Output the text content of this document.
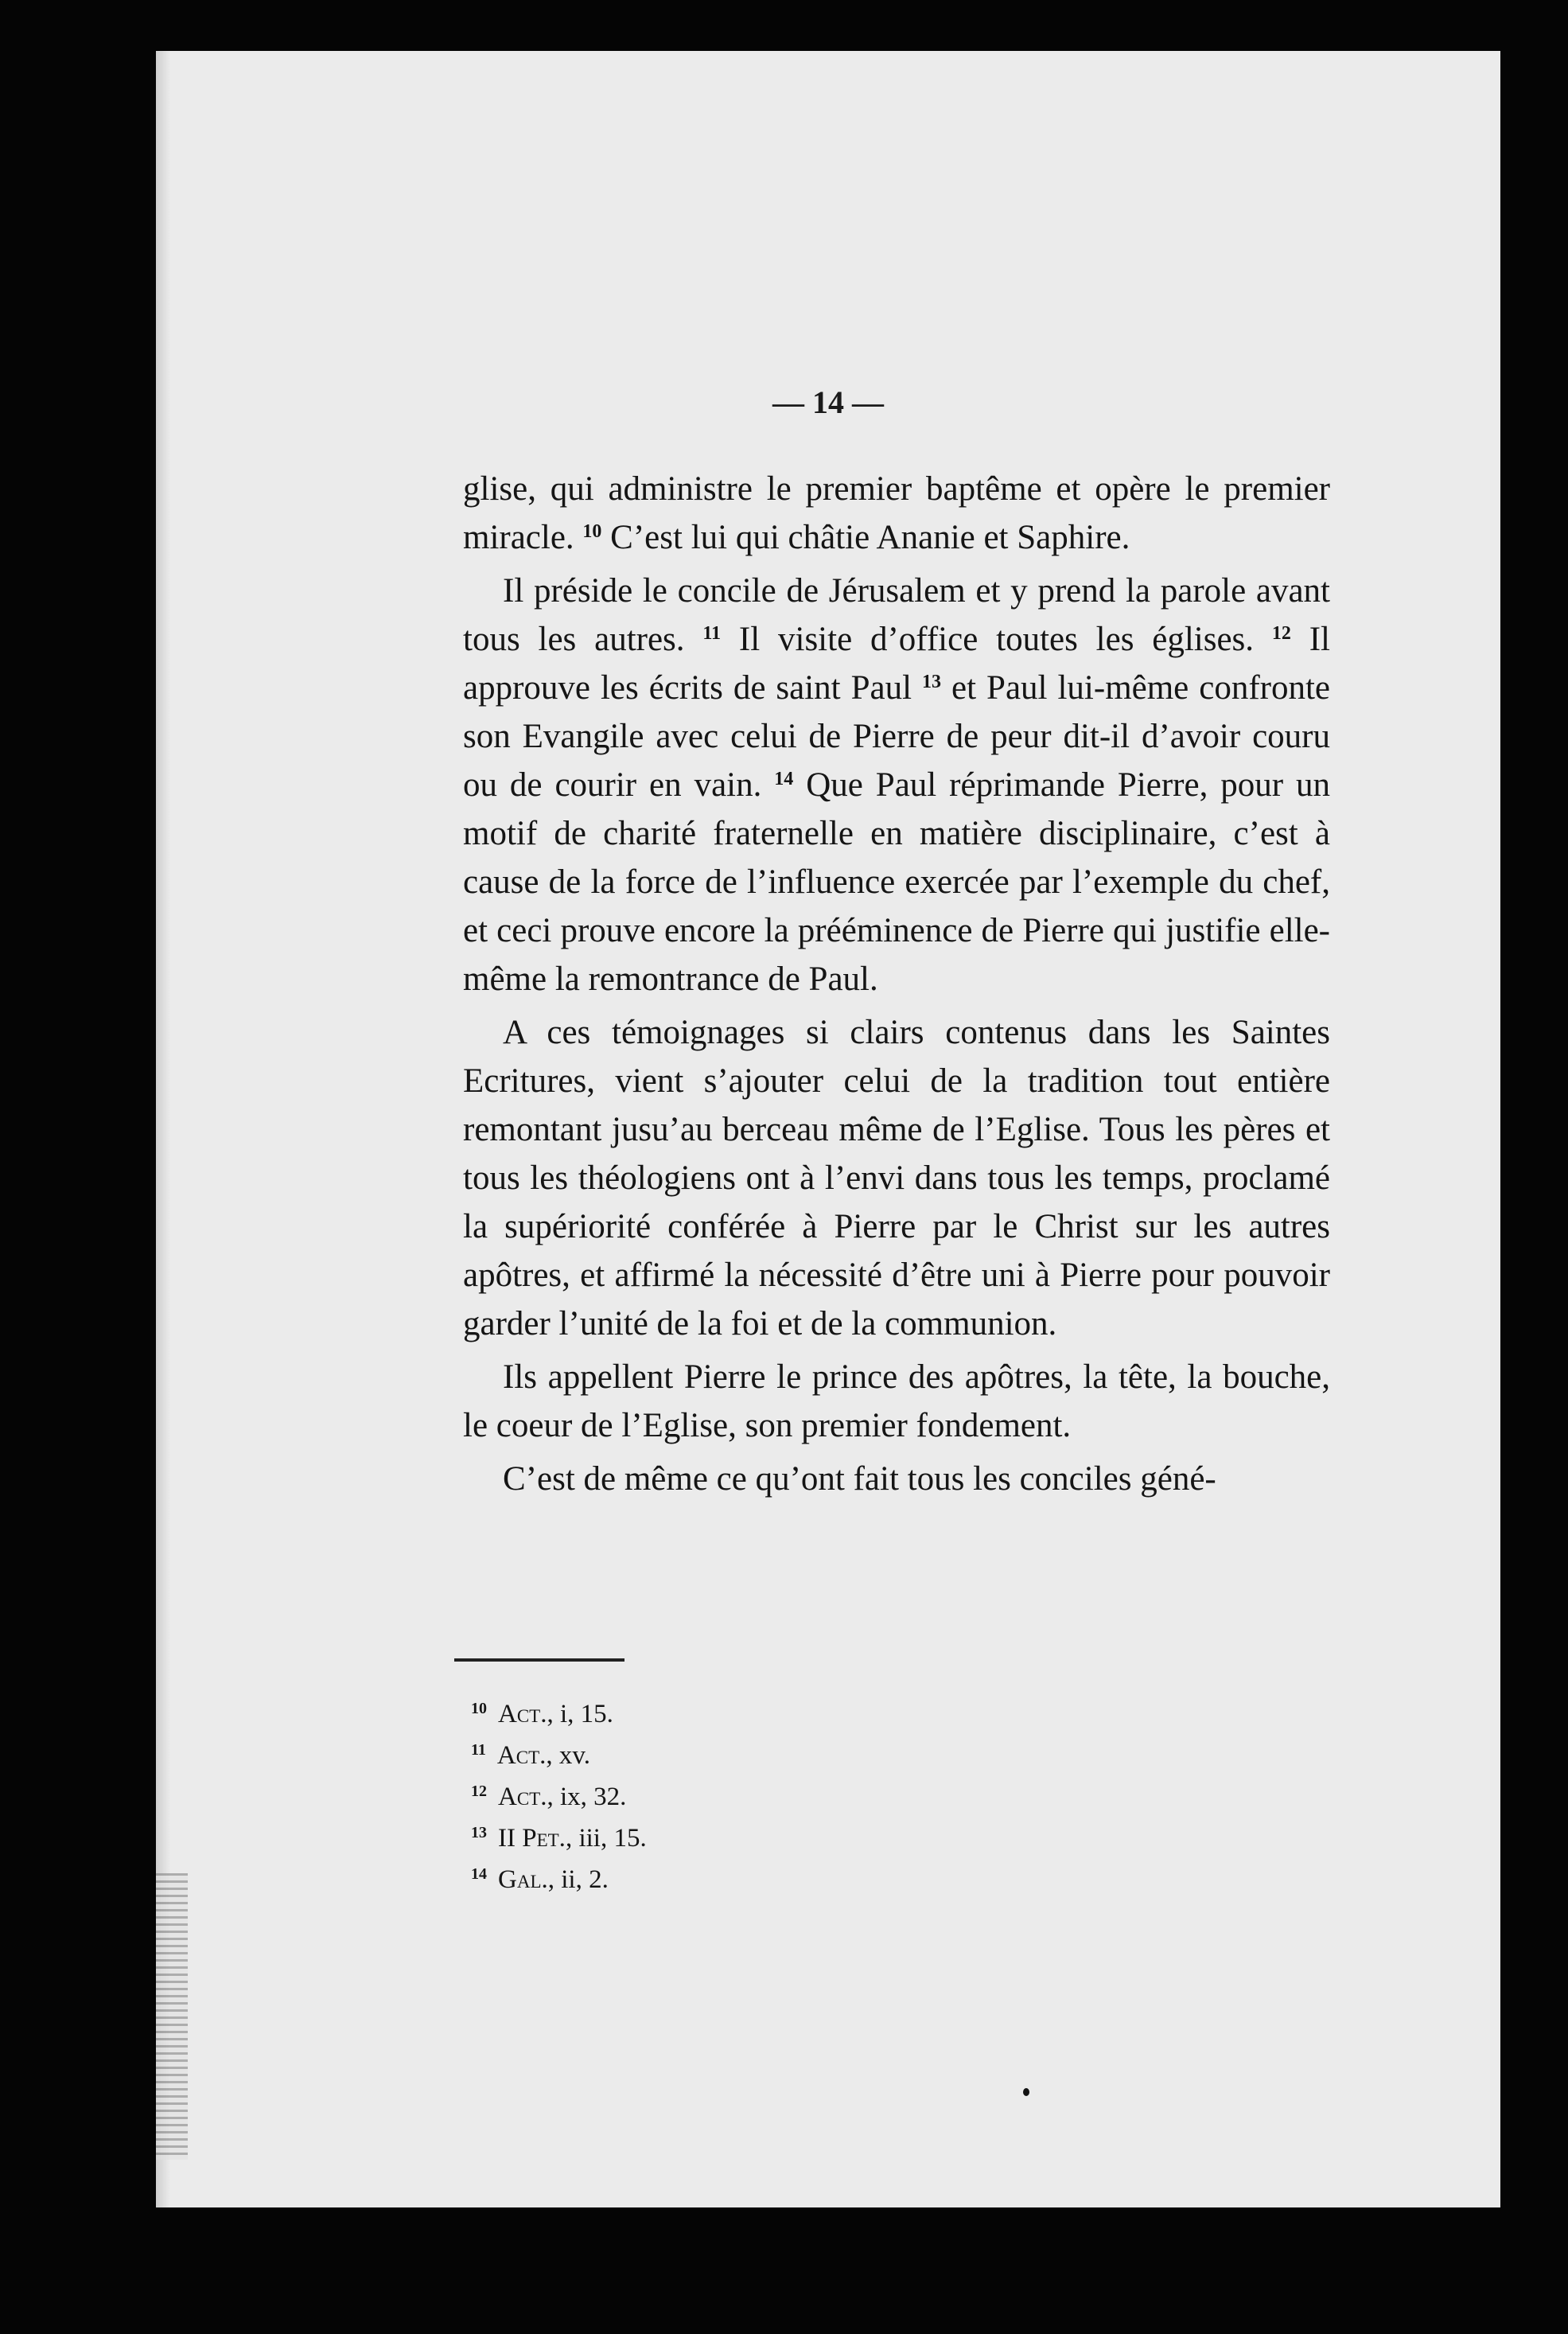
— 14 —

glise, qui administre le premier baptême et opère le premier miracle. $^{10}$ C’est lui qui châtie Ananie et Saphire.

Il préside le concile de Jérusalem et y prend la parole avant tous les autres. $^{11}$ Il visite d’office toutes les églises. $^{12}$ Il approuve les écrits de saint Paul $^{13}$ et Paul lui-même confronte son Evangile avec celui de Pierre de peur dit-il d’avoir couru ou de courir en vain. $^{14}$ Que Paul réprimande Pierre, pour un motif de charité fraternelle en matière disciplinaire, c’est à cause de la force de l’influence exercée par l’exemple du chef, et ceci prouve encore la prééminence de Pierre qui justifie elle-même la remontrance de Paul.

A ces témoignages si clairs contenus dans les Saintes Ecritures, vient s’ajouter celui de la tradition tout entière remontant jusu’au berceau même de l’Eglise. Tous les pères et tous les théologiens ont à l’envi dans tous les temps, proclamé la supériorité conférée à Pierre par le Christ sur les autres apôtres, et affirmé la nécessité d’être uni à Pierre pour pouvoir garder l’unité de la foi et de la communion.

Ils appellent Pierre le prince des apôtres, la tête, la bouche, le coeur de l’Eglise, son premier fondement.

C’est de même ce qu’ont fait tous les conciles géné-

$^{10}$ Act., i, 15.
$^{11}$ Act., xv.
$^{12}$ Act., ix, 32.
$^{13}$ II Pet., iii, 15.
$^{14}$ Gal., ii, 2.
